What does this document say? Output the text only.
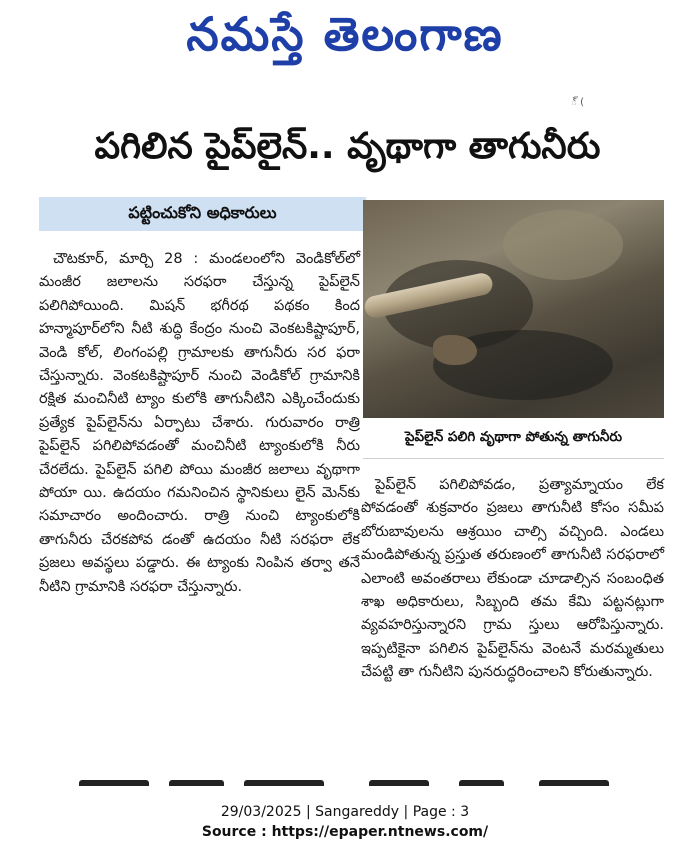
నమస్తే తెలంగాణ
్ (
పగిలిన పైప్‌లైన్.. వృథాగా తాగునీరు
పట్టించుకోని అధికారులు

చౌటకూర్, మార్చి 28 : మండలంలోని వెండికోల్‌లో మంజీర జలాలను సరఫరా చేస్తున్న పైప్‌లైన్ పలిగిపోయింది. మిషన్ భగీరథ పథకం కింద హన్మాపూర్‌లోని నీటి శుద్ధి కేంద్రం నుంచి వెంకటకిష్టాపూర్, వెండి కోల్, లింగంపల్లి గ్రామాలకు తాగునీరు సర ఫరా చేస్తున్నారు. వెంకటకిష్టాపూర్ నుంచి వెండికోల్ గ్రామానికి రక్షిత మంచినీటి ట్యాం కులోకి తాగునీటిని ఎక్కించేందుకు ప్రత్యేక పైప్‌లైన్‌ను ఏర్పాటు చేశారు. గురువారం రాత్రి పైప్‌లైన్ పగిలిపోవడంతో మంచినీటి ట్యాంకులోకి నీరు చేరలేదు. పైప్‌లైన్ పగిలి పోయి మంజీర జలాలు వృథాగా పోయా యి. ఉదయం గమనించిన స్థానికులు లైన్ మెన్‌కు సమాచారం అందించారు. రాత్రి నుంచి ట్యాంకులోకి తాగునీరు చేరకపోవ డంతో ఉదయం నీటి సరఫరా లేక ప్రజలు అవస్థలు పడ్డారు. ఈ ట్యాంకు నింపిన తర్వా తనే నీటిని గ్రామానికి సరఫరా చేస్తున్నారు.

పైప్‌లైన్ పలిగి వృథాగా పోతున్న తాగునీరు

పైప్‌లైన్ పగిలిపోవడం, ప్రత్యామ్నాయం లేక పోవడంతో శుక్రవారం ప్రజలు తాగునీటి కోసం సమీప బోరుబావులను ఆశ్రయిం చాల్సి వచ్చింది. ఎండలు మండిపోతున్న ప్రస్తుత తరుణంలో తాగునీటి సరఫరాలో ఎలాంటి అవంతరాలు లేకుండా చూడాల్సిన సంబంధిత శాఖ అధికారులు, సిబ్బంది తమ కేమి పట్టనట్లుగా వ్యవహరిస్తున్నారని గ్రామ స్తులు ఆరోపిస్తున్నారు. ఇప్పటికైనా పగిలిన పైప్‌లైన్‌ను వెంటనే మరమ్మతులు చేపట్టి తా గునీటిని పునరుద్ధరించాలని కోరుతున్నారు.

29/03/2025 | Sangareddy | Page : 3
Source : https://epaper.ntnews.com/
